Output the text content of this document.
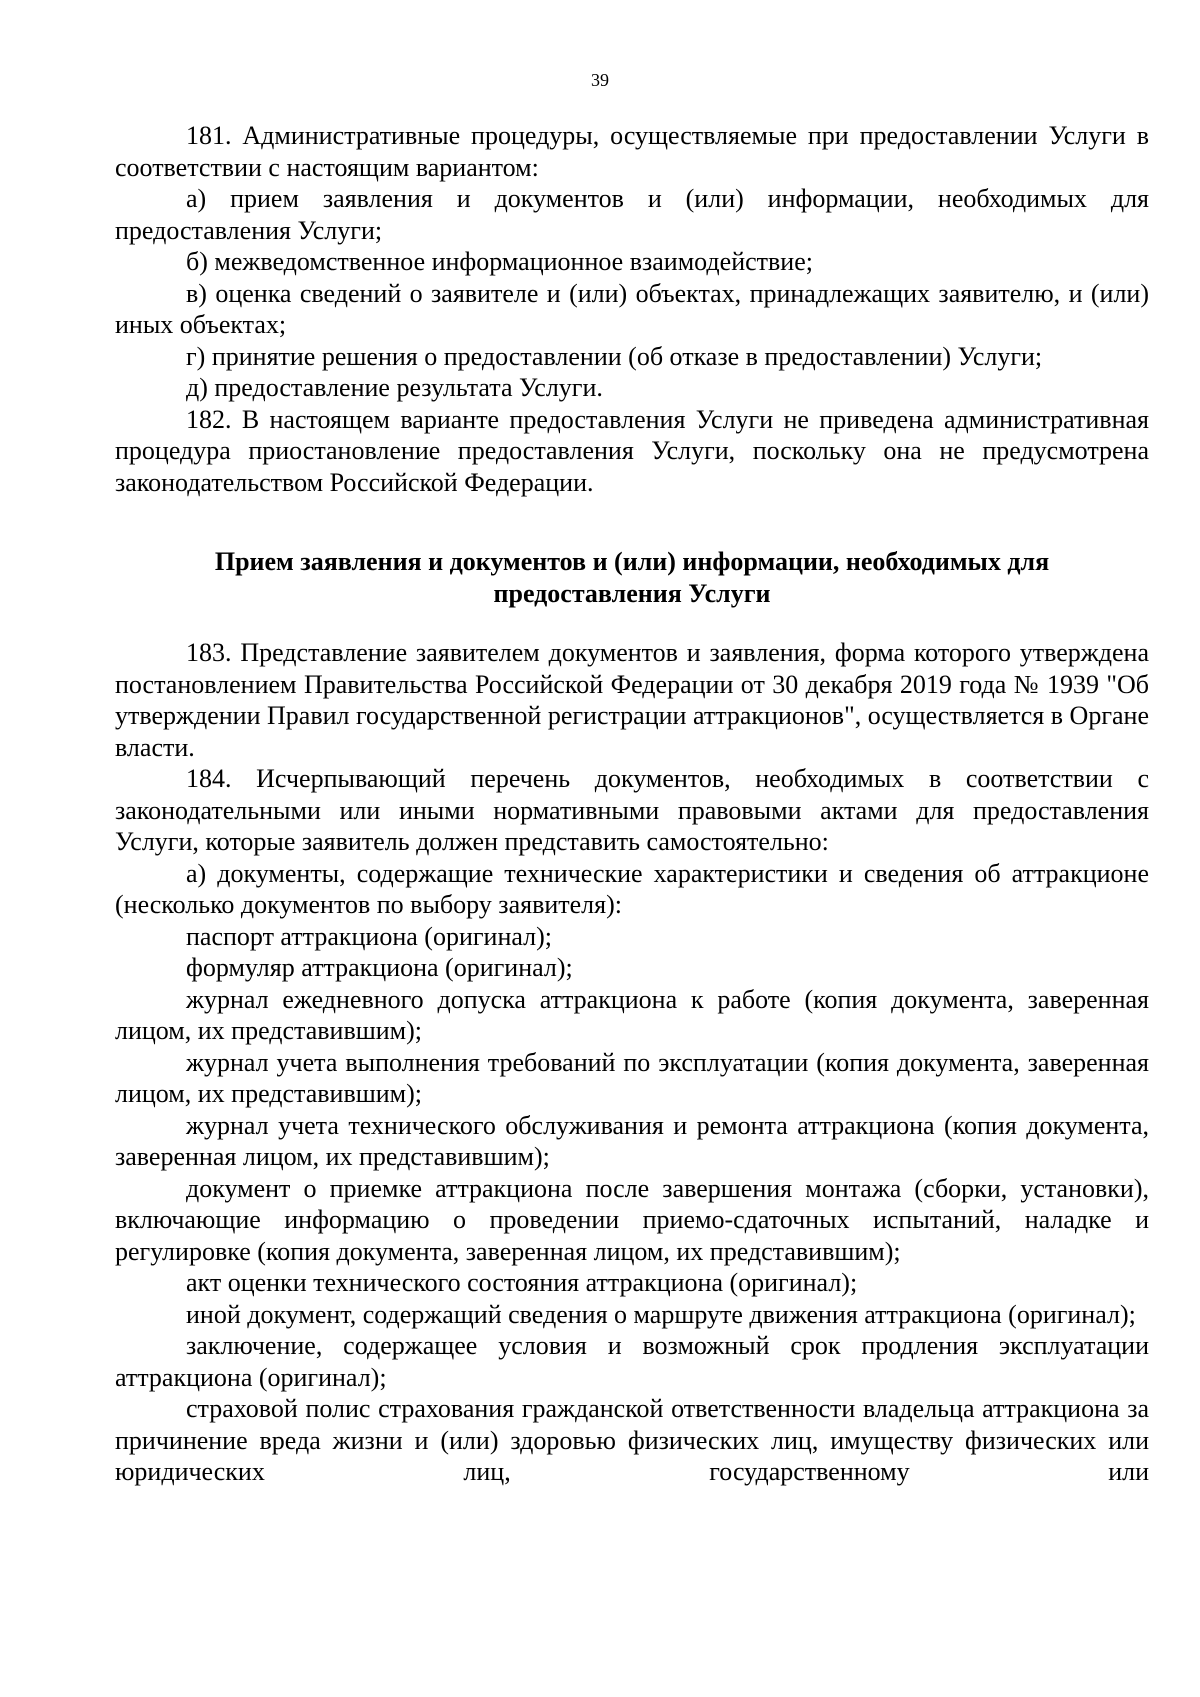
39

181. Административные процедуры, осуществляемые при предоставлении Услуги в соответствии с настоящим вариантом:

а) прием заявления и документов и (или) информации, необходимых для предоставления Услуги;

б) межведомственное информационное взаимодействие;

в) оценка сведений о заявителе и (или) объектах, принадлежащих заявителю, и (или) иных объектах;

г) принятие решения о предоставлении (об отказе в предоставлении) Услуги;

д) предоставление результата Услуги.

182. В настоящем варианте предоставления Услуги не приведена административная процедура приостановление предоставления Услуги, поскольку она не предусмотрена законодательством Российской Федерации.

Прием заявления и документов и (или) информации, необходимых для
предоставления Услуги

183. Представление заявителем документов и заявления, форма которого утверждена постановлением Правительства Российской Федерации от 30 декабря 2019 года № 1939 "Об утверждении Правил государственной регистрации аттракционов", осуществляется в Органе власти.

184. Исчерпывающий перечень документов, необходимых в соответствии с законодательными или иными нормативными правовыми актами для предоставления Услуги, которые заявитель должен представить самостоятельно:

а) документы, содержащие технические характеристики и сведения об аттракционе (несколько документов по выбору заявителя):

паспорт аттракциона (оригинал);

формуляр аттракциона (оригинал);

журнал ежедневного допуска аттракциона к работе (копия документа, заверенная лицом, их представившим);

журнал учета выполнения требований по эксплуатации (копия документа, заверенная лицом, их представившим);

журнал учета технического обслуживания и ремонта аттракциона (копия документа, заверенная лицом, их представившим);

документ о приемке аттракциона после завершения монтажа (сборки, установки), включающие информацию о проведении приемо-сдаточных испытаний, наладке и регулировке (копия документа, заверенная лицом, их представившим);

акт оценки технического состояния аттракциона (оригинал);

иной документ, содержащий сведения о маршруте движения аттракциона (оригинал);

заключение, содержащее условия и возможный срок продления эксплуатации аттракциона (оригинал);

страховой полис страхования гражданской ответственности владельца аттракциона за причинение вреда жизни и (или) здоровью физических лиц, имуществу физических или юридических лиц, государственному или
